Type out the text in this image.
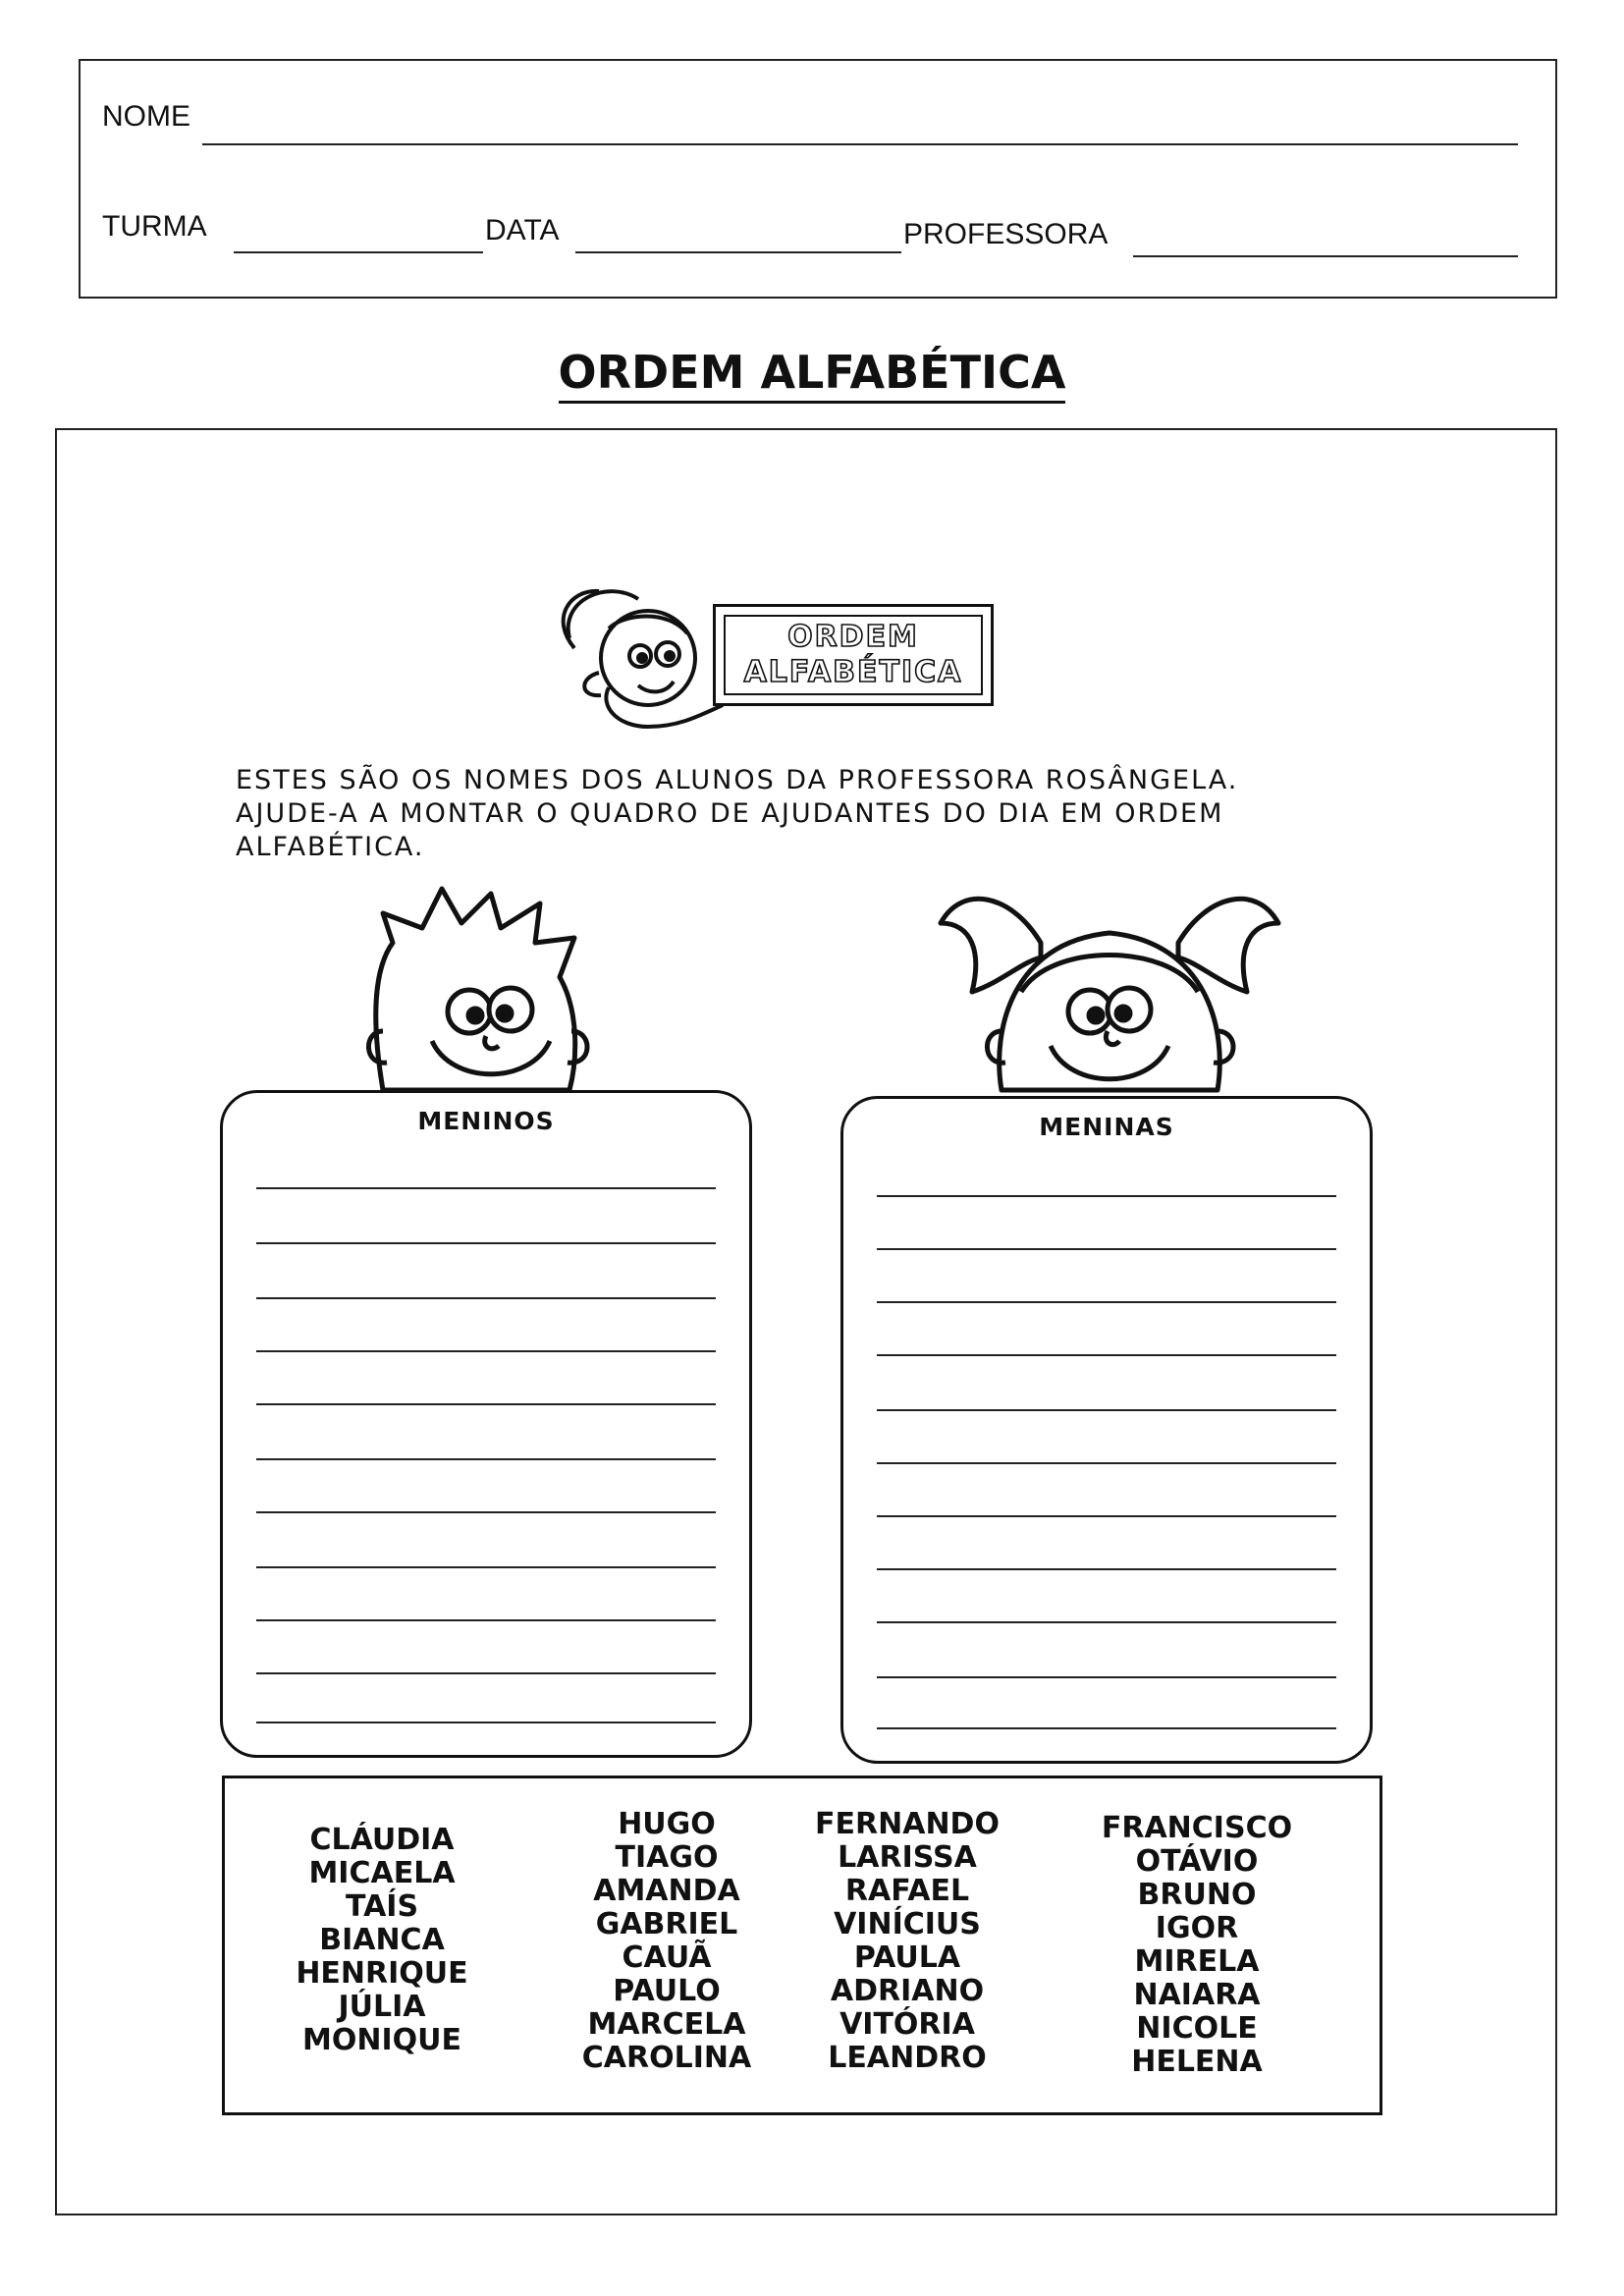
NOME
TURMA	DATA	PROFESSORA
ORDEM ALFABÉTICA
ORDEM
ALFABÉTICA
ESTES SÃO OS NOMES DOS ALUNOS DA PROFESSORA ROSÂNGELA.
AJUDE-A A MONTAR O QUADRO DE AJUDANTES DO DIA EM ORDEM
ALFABÉTICA.
MENINOS	MENINAS
CLÁUDIA
MICAELA
TAÍS
BIANCA
HENRIQUE
JÚLIA
MONIQUE
HUGO
TIAGO
AMANDA
GABRIEL
CAUÃ
PAULO
MARCELA
CAROLINA
FERNANDO
LARISSA
RAFAEL
VINÍCIUS
PAULA
ADRIANO
VITÓRIA
LEANDRO
FRANCISCO
OTÁVIO
BRUNO
IGOR
MIRELA
NAIARA
NICOLE
HELENA
